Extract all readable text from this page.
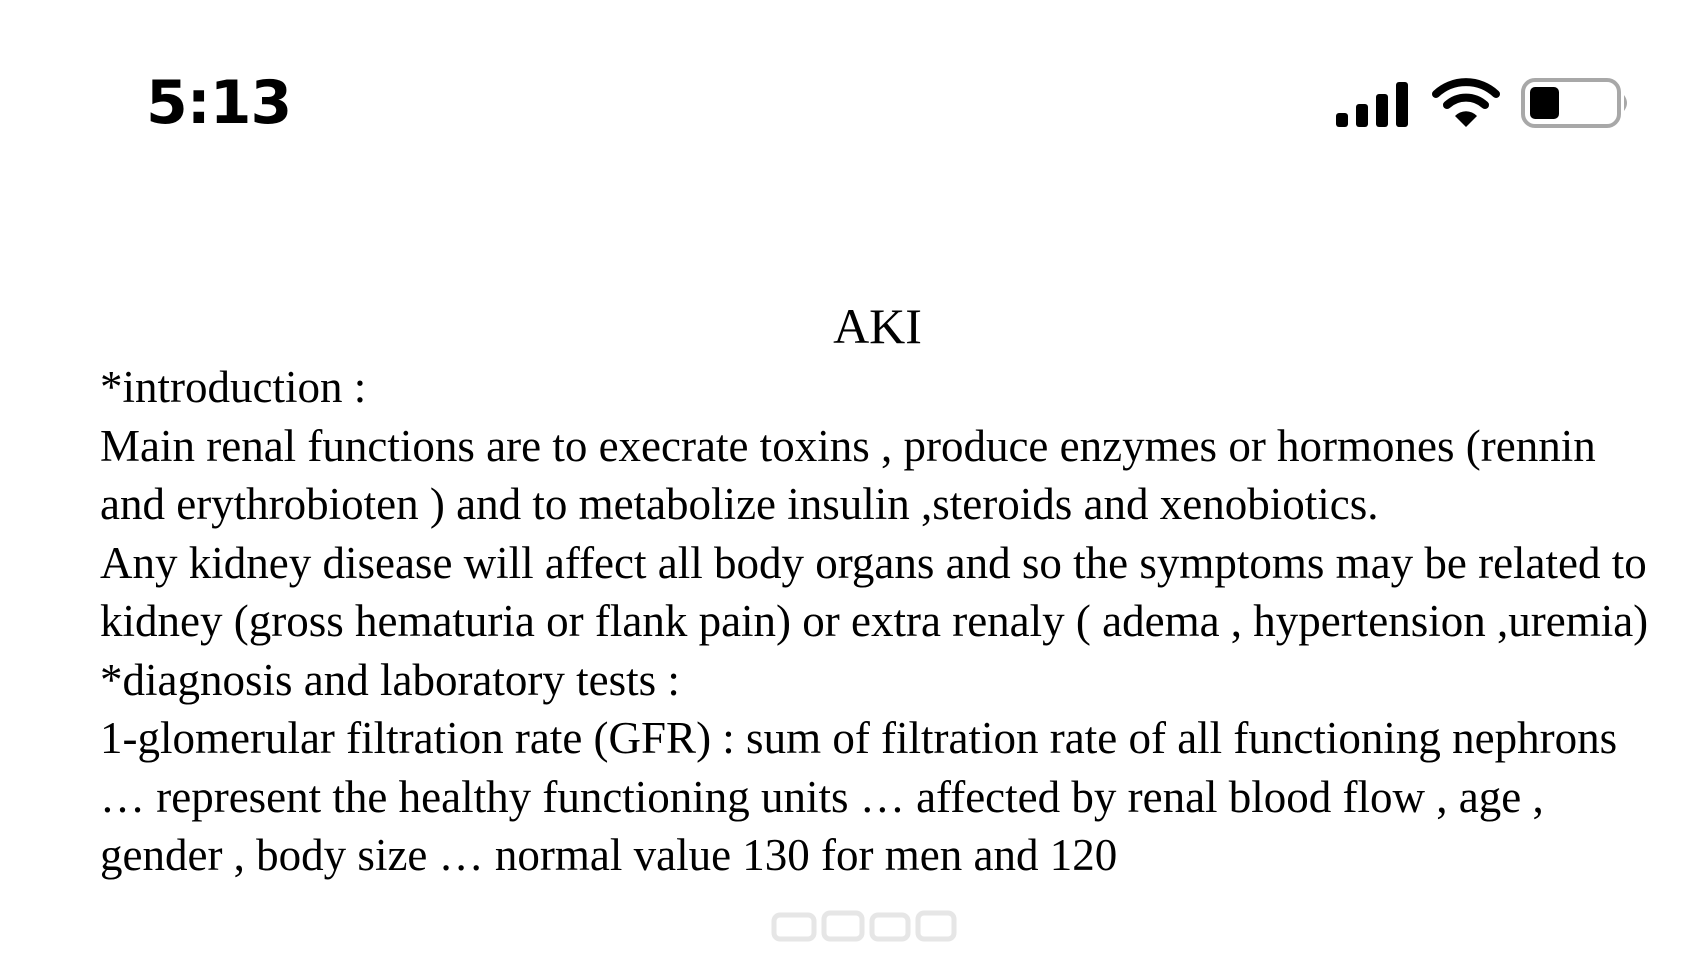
5:13
AKI

*introduction :

Main renal functions are to execrate toxins , produce enzymes or hormones (rennin and erythrobioten ) and to metabolize insulin ,steroids and xenobiotics.

Any kidney disease will affect all body organs and so the symptoms may be related to kidney (gross hematuria or flank pain) or extra renaly ( adema , hypertension ,uremia)

*diagnosis and laboratory tests :

1-glomerular filtration rate (GFR) : sum of filtration rate of all functioning nephrons … represent the healthy functioning units … affected by renal blood flow , age , gender , body size … normal value 130 for men and 120
